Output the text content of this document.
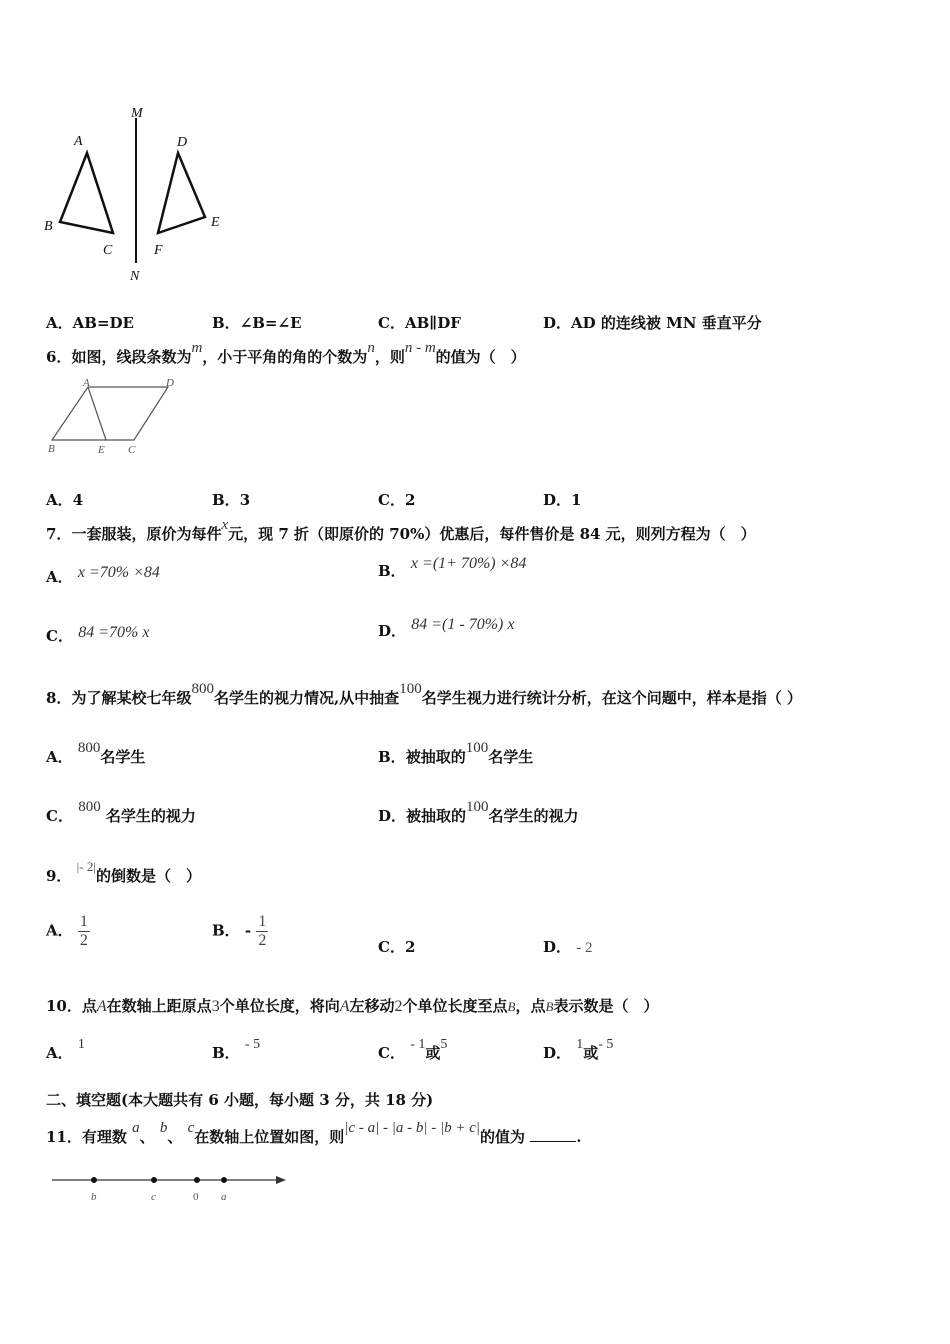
M
N
A
B
C
D
E
F
A．AB=DE	B．∠B=∠E	C．AB∥DF	D．AD 的连线被 MN 垂直平分
6．如图，线段条数为m，小于平角的角的个数为n，则n - m的值为（　）
A	D
B	E C
A．4	B．3	C．2	D．1
7．一套服装，原价为每件x元，现 7 折（即原价的 70%）优惠后，每件售价是 84 元，则列方程为（　）
A． x =70% ×84	B． x =(1+ 70%) ×84
C． 84 =70% x	D． 84 =(1 - 70%) x
8．为了解某校七年级800名学生的视力情况,从中抽查100名学生视力进行统计分析，在这个问题中，样本是指（ ）
A． 800名学生	B．被抽取的100名学生
C． 800 名学生的视力	D．被抽取的100名学生的视力
9． |- 2|的倒数是（　）
A． $\frac{1}{2}$	B． - $\frac{1}{2}$	C．2	D． - 2
10．点A在数轴上距原点3个单位长度，将向A左移动2个单位长度至点B，点B表示数是（　）
A． 1	B． - 5	C． - 1或5	D． 1或- 5
二、填空题(本大题共有 6 小题，每小题 3 分，共 18 分)
11．有理数 a、 b、 c在数轴上位置如图，则|c - a| - |a - b| - |b + c|的值为	.
b	c	0 a
